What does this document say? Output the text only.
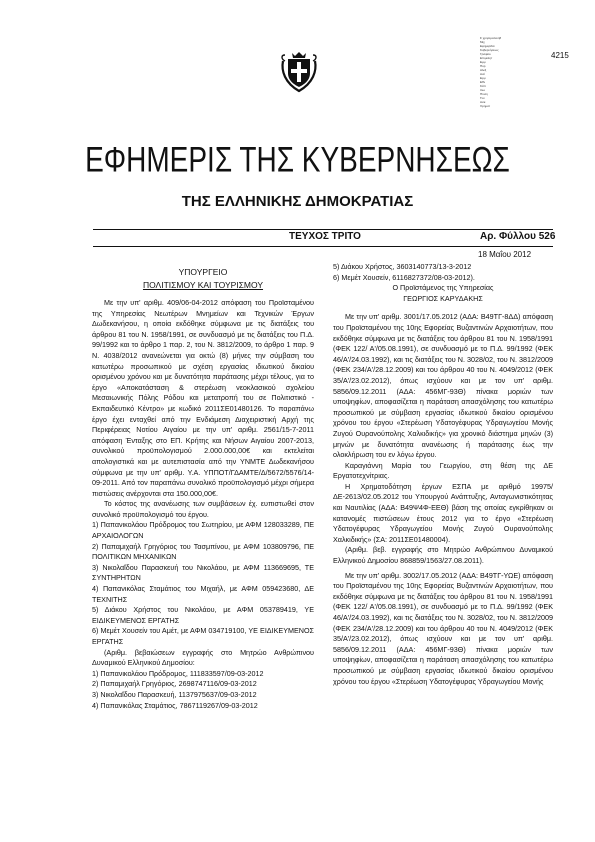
Σ χρησιμοποιηθ
Μιχ
Εφημερίδα
Κυβερνήσεως
Γραφείο
Επιμελητ
Εμμ
Πυρ
Αλεξ
Ανέ
Ερμ
Εθν
Κάπ
Λιω
Πώλη
Γυν
Ασκ
Χρηματ
4215
ΕΦΗΜΕΡΙΣ ΤΗΣ ΚΥΒΕΡΝΗΣΕΩΣ
ΤΗΣ ΕΛΛΗΝΙΚΗΣ ΔΗΜΟΚΡΑΤΙΑΣ
ΤΕΥΧΟΣ ΤΡΙΤΟ	Αρ. Φύλλου 526
18 Μαΐου 2012
ΥΠΟΥΡΓΕΙΟ
ΠΟΛΙΤΙΣΜΟΥ ΚΑΙ ΤΟΥΡΙΣΜΟΥ

Με την υπ' αριθμ. 409/06-04-2012 απόφαση του Προϊσταμένου της Υπηρεσίας Νεωτέρων Μνημείων και Τεχνικών Έργων Δωδεκανήσου, η οποία εκδόθηκε σύμφωνα με τις διατάξεις του άρθρου 81 του Ν. 1958/1991, σε συνδυασμό με τις διατάξεις του Π.Δ. 99/1992 και το άρθρο 1 παρ. 2, του Ν. 3812/2009, το άρθρο 1 παρ. 9 Ν. 4038/2012 ανανεώνεται για οκτώ (8) μήνες την σύμβαση του κατωτέρω προσωπικού με σχέση εργασίας ιδιωτικού δικαίου ορισμένου χρόνου και με δυνατότητα παράτασης μέχρι τέλους, για το έργο «Αποκατάσταση & στερέωση νεοκλασικού σχολείου Μεσαιωνικής Πόλης Ρόδου και μετατροπή του σε Πολιτιστικό - Εκπαιδευτικό Κέντρο» με κωδικό 2011ΣΕ01480126. Το παραπάνω έργο έχει ενταχθεί από την Ενδιάμεση Διαχειριστική Αρχή της Περιφέρειας Νοτίου Αιγαίου με την υπ' αριθμ. 2561/15-7-2011 απόφαση Ένταξης στο ΕΠ. Κρήτης και Νήσων Αιγαίου 2007-2013, συνολικού προϋπολογισμού 2.000.000,00€ και εκτελείται απολογιστικά και με αυτεπιστασία από την ΥΝΜΤΕ Δωδεκανήσου σύμφωνα με την υπ' αριθμ. Υ.Α. ΥΠΠΟΤ/ΓΔΑΜΤΕ/Δ/5672/5576/14-09-2011. Από τον παραπάνω συνολικό προϋπολογισμό μέχρι σήμερα πιστώσεις ανέρχονται στα 150.000,00€.

Το κόστος της ανανέωσης των συμβάσεων έχ. ευπιστωθεί στον συνολικό προϋπολογισμό του έργου.

1) Παπανικολάου Πρόδρομος του Σωτηρίου, με ΑΦΜ 128033289, ΠΕ ΑΡΧΑΙΟΛΟΓΩΝ

2) Παπαμιχαήλ Γρηγόριος του Τασμπίνου, με ΑΦΜ 103809796, ΠΕ ΠΟΛΙΤΙΚΩΝ ΜΗΧΑΝΙΚΩΝ

3) Νικολαΐδου Παρασκευή του Νικολάου, με ΑΦΜ 113669695, ΤΕ ΣΥΝΤΗΡΗΤΩΝ

4) Παπανικόλας Σταμάτιος του Μιχαήλ, με ΑΦΜ 059423680, ΔΕ ΤΕΧΝΙΤΗΣ

5) Διάκου Χρήστος του Νικολάου, με ΑΦΜ 053789419, ΥΕ ΕΙΔΙΚΕΥΜΕΝΟΣ ΕΡΓΑΤΗΣ

6) Μεμέτ Χουσείν του Αμέτ, με ΑΦΜ 034719100, ΥΕ ΕΙΔΙΚΕΥΜΕΝΟΣ ΕΡΓΑΤΗΣ

(Αριθμ. βεβαιώσεων εγγραφής στο Μητρώο Ανθρώπινου Δυναμικού Ελληνικού Δημοσίου:

1) Παπανικολάου Πρόδρομος, 111833597/09-03-2012

2) Παπαμιχαήλ Γρηγόριος, 2698747116/09-03-2012

3) Νικολαΐδου Παρασκευή, 1137975637/09-03-2012

4) Παπανικόλας Σταμάτιος, 7867119267/09-03-2012

5) Διάκου Χρήστος, 3603140773/13-3-2012

6) Μεμέτ Χουσείν, 6116827372/08-03-2012).

Ο Προϊστάμενος της Υπηρεσίας

ΓΕΩΡΓΙΟΣ ΚΑΡΥΔΑΚΗΣ

Με την υπ' αριθμ. 3001/17.05.2012 (ΑΔΑ: Β49ΤΓ-8ΔΔ) απόφαση του Προϊσταμένου της 10ης Εφορείας Βυζαντινών Αρχαιοτήτων, που εκδόθηκε σύμφωνα με τις διατάξεις του άρθρου 81 του Ν. 1958/1991 (ΦΕΚ 122/ Α'/05.08.1991), σε συνδυασμό με το Π.Δ. 99/1992 (ΦΕΚ 46/Α'/24.03.1992), και τις διατάξεις του Ν. 3028/02, του Ν. 3812/2009 (ΦΕΚ 234/Α'/28.12.2009) και του άρθρου 40 του Ν. 4049/2012 (ΦΕΚ 35/Α'/23.02.2012), όπως ισχύουν και με τον υπ' αριθμ. 5856/09.12.2011 (ΑΔΑ: 456ΜΓ-93Θ) πίνακα μοριών των υποψηφίων, αποφασίζεται η παράταση απασχόλησης του κατωτέρω προσωπικού με σύμβαση εργασίας ιδιωτικού δικαίου ορισμένου χρόνου του έργου «Στερέωση Υδατογέφυρας Υδραγωγείου Μονής Ζυγού Ουρανούπολης Χαλκιδικής» για χρονικό διάστημα μηνών (3) μηνών με δυνατότητα ανανέωσης ή παράτασης έως την ολοκλήρωση του εν λόγω έργου.

Καραγιάννη Μαρία του Γεωργίου, στη θέση της ΔΕ Εργατοτεχνίτριας.

Η Χρηματοδότηση έργων ΕΣΠΑ με αριθμό 19975/ΔΕ-2613/02.05.2012 του Υπουργού Ανάπτυξης, Ανταγωνιστικότητας και Ναυτιλίας (ΑΔΑ: Β49Ψ4Φ-ΕΕΘ) βάση της οποίας εγκρίθηκαν οι κατανομές πιστώσεων έτους 2012 για το έργο «Στερέωση Υδατογέφυρας Υδραγωγείου Μονής Ζυγού Ουρανούπολης Χαλκιδικής» (ΣΑ: 2011ΣΕ01480004).

(Αριθμ. βεβ. εγγραφής στο Μητρώο Ανθρώπινου Δυναμικού Ελληνικού Δημοσίου 868859/1563/27.08.2011).

Με την υπ' αριθμ. 3002/17.05.2012 (ΑΔΑ: Β49ΤΓ-ΥΩΕ) απόφαση του Προϊσταμένου της 10ης Εφορείας Βυζαντινών Αρχαιοτήτων, που εκδόθηκε σύμφωνα με τις διατάξεις του άρθρου 81 του Ν. 1958/1991 (ΦΕΚ 122/ Α'/05.08.1991), σε συνδυασμό με το Π.Δ. 99/1992 (ΦΕΚ 46/Α'/24.03.1992), και τις διατάξεις του Ν. 3028/02, του Ν. 3812/2009 (ΦΕΚ 234/Α'/28.12.2009) και του άρθρου 40 του Ν. 4049/2012 (ΦΕΚ 35/Α'/23.02.2012), όπως ισχύουν και με τον υπ' αριθμ. 5856/09.12.2011 (ΑΔΑ: 456ΜΓ-93Θ) πίνακα μοριών των υποψηφίων, αποφασίζεται η παράταση απασχόλησης του κατωτέρω προσωπικού με σύμβαση εργασίας ιδιωτικού δικαίου ορισμένου χρόνου του έργου «Στερέωση Υδατογέφυρας Υδραγωγείου Μονής
